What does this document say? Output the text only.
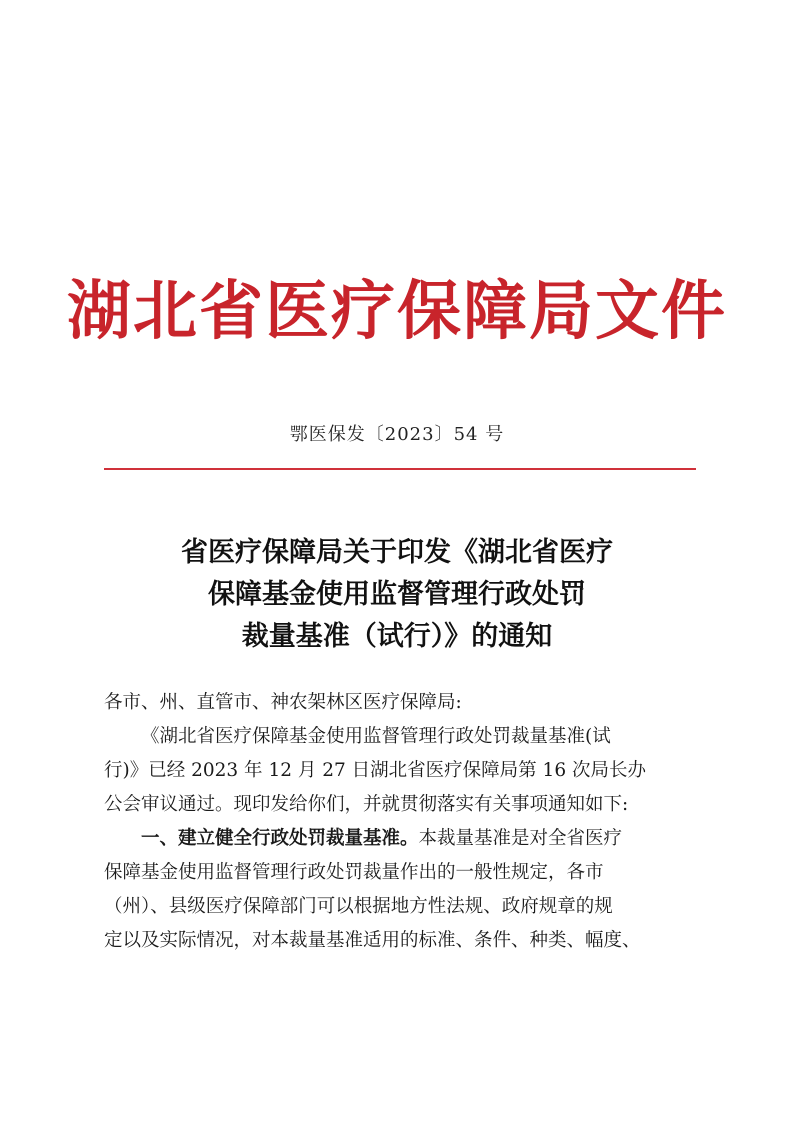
湖北省医疗保障局文件
鄂医保发〔2023〕54 号
省医疗保障局关于印发《湖北省医疗
保障基金使用监督管理行政处罚
裁量基准（试行）》的通知

各市、州、直管市、神农架林区医疗保障局:

《湖北省医疗保障基金使用监督管理行政处罚裁量基准(试
行)》已经 2023 年 12 月 27 日湖北省医疗保障局第 16 次局长办
公会审议通过。现印发给你们，并就贯彻落实有关事项通知如下:

一、建立健全行政处罚裁量基准。本裁量基准是对全省医疗
保障基金使用监督管理行政处罚裁量作出的一般性规定，各市
（州）、县级医疗保障部门可以根据地方性法规、政府规章的规
定以及实际情况，对本裁量基准适用的标准、条件、种类、幅度、
